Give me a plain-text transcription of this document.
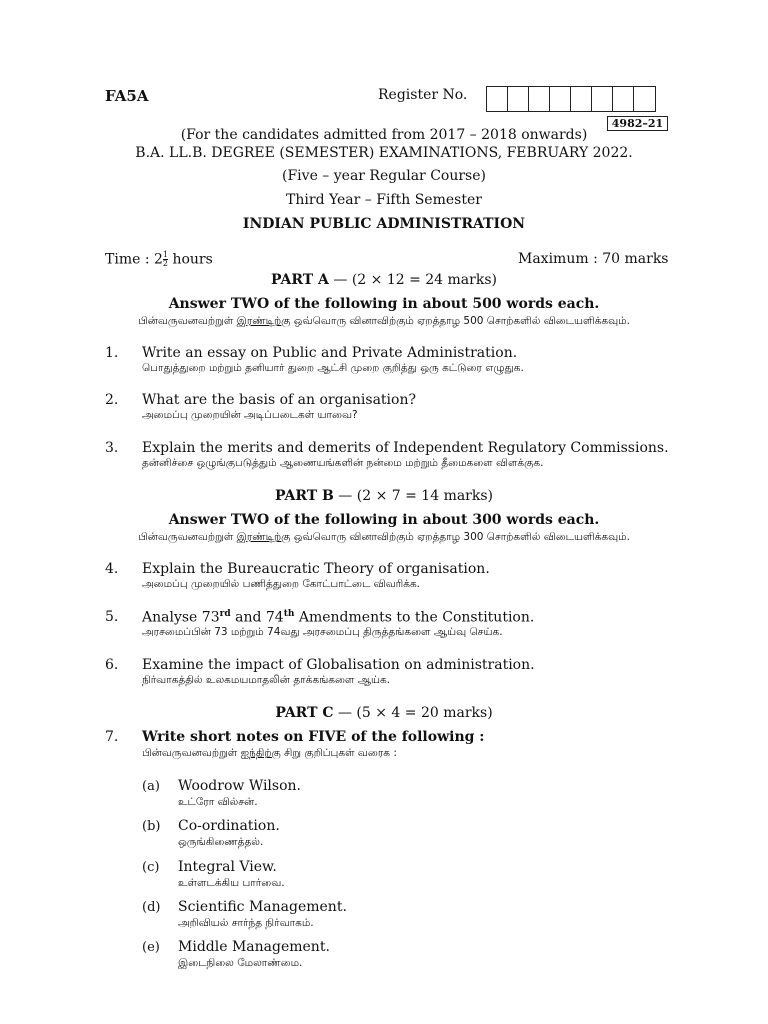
FA5A	Register No.
4982–21
(For the candidates admitted from 2017 – 2018 onwards)
B.A. LL.B. DEGREE (SEMESTER) EXAMINATIONS, FEBRUARY 2022.
(Five – year Regular Course)
Third Year – Fifth Semester
INDIAN PUBLIC ADMINISTRATION
Time : $2 \frac{1}{2}$ hours	Maximum : 70 marks
PART A — (2 × 12 = 24 marks)
Answer TWO of the following in about 500 words each.
பின்வருவனவற்றுள் இரண்டிற்கு ஒவ்வொரு வினாவிற்கும் ஏறத்தாழ 500 சொற்களில் விடையளிக்கவும்.
1. Write an essay on Public and Private Administration.
பொதுத்துறை மற்றும் தனியார் துறை ஆட்சி முறை குறித்து ஒரு கட்டுரை எழுதுக.
2. What are the basis of an organisation?
அமைப்பு முறையின் அடிப்படைகள் யாவை?
3. Explain the merits and demerits of Independent Regulatory Commissions.
தன்னிச்சை ஒழுங்குபடுத்தும் ஆணையங்களின் நன்மை மற்றும் தீமைகளை விளக்குக.
PART B — (2 × 7 = 14 marks)
Answer TWO of the following in about 300 words each.
பின்வருவனவற்றுள் இரண்டிற்கு ஒவ்வொரு வினாவிற்கும் ஏறத்தாழ 300 சொற்களில் விடையளிக்கவும்.
4. Explain the Bureaucratic Theory of organisation.
அமைப்பு முறையில் பணித்துறை கோட்பாட்டை விவரிக்க.
5. Analyse 73rd and 74th Amendments to the Constitution.
அரசமைப்பின் 73 மற்றும் 74வது அரசமைப்பு திருத்தங்களை ஆய்வு செய்க.
6. Examine the impact of Globalisation on administration.
நிர்வாகத்தில் உலகமயமாதலின் தாக்கங்களை ஆய்க.
PART C — (5 × 4 = 20 marks)
7. Write short notes on FIVE of the following :
பின்வருவனவற்றுள் ஐந்திற்கு சிறு குறிப்புகள் வரைக :
(a) Woodrow Wilson.
உட்ரோ வில்சன்.
(b) Co-ordination.
ஒருங்கிணைத்தல்.
(c) Integral View.
உள்ளடக்கிய பார்வை.
(d) Scientific Management.
அறிவியல் சார்ந்த நிர்வாகம்.
(e) Middle Management.
இடைநிலை மேலாண்மை.
